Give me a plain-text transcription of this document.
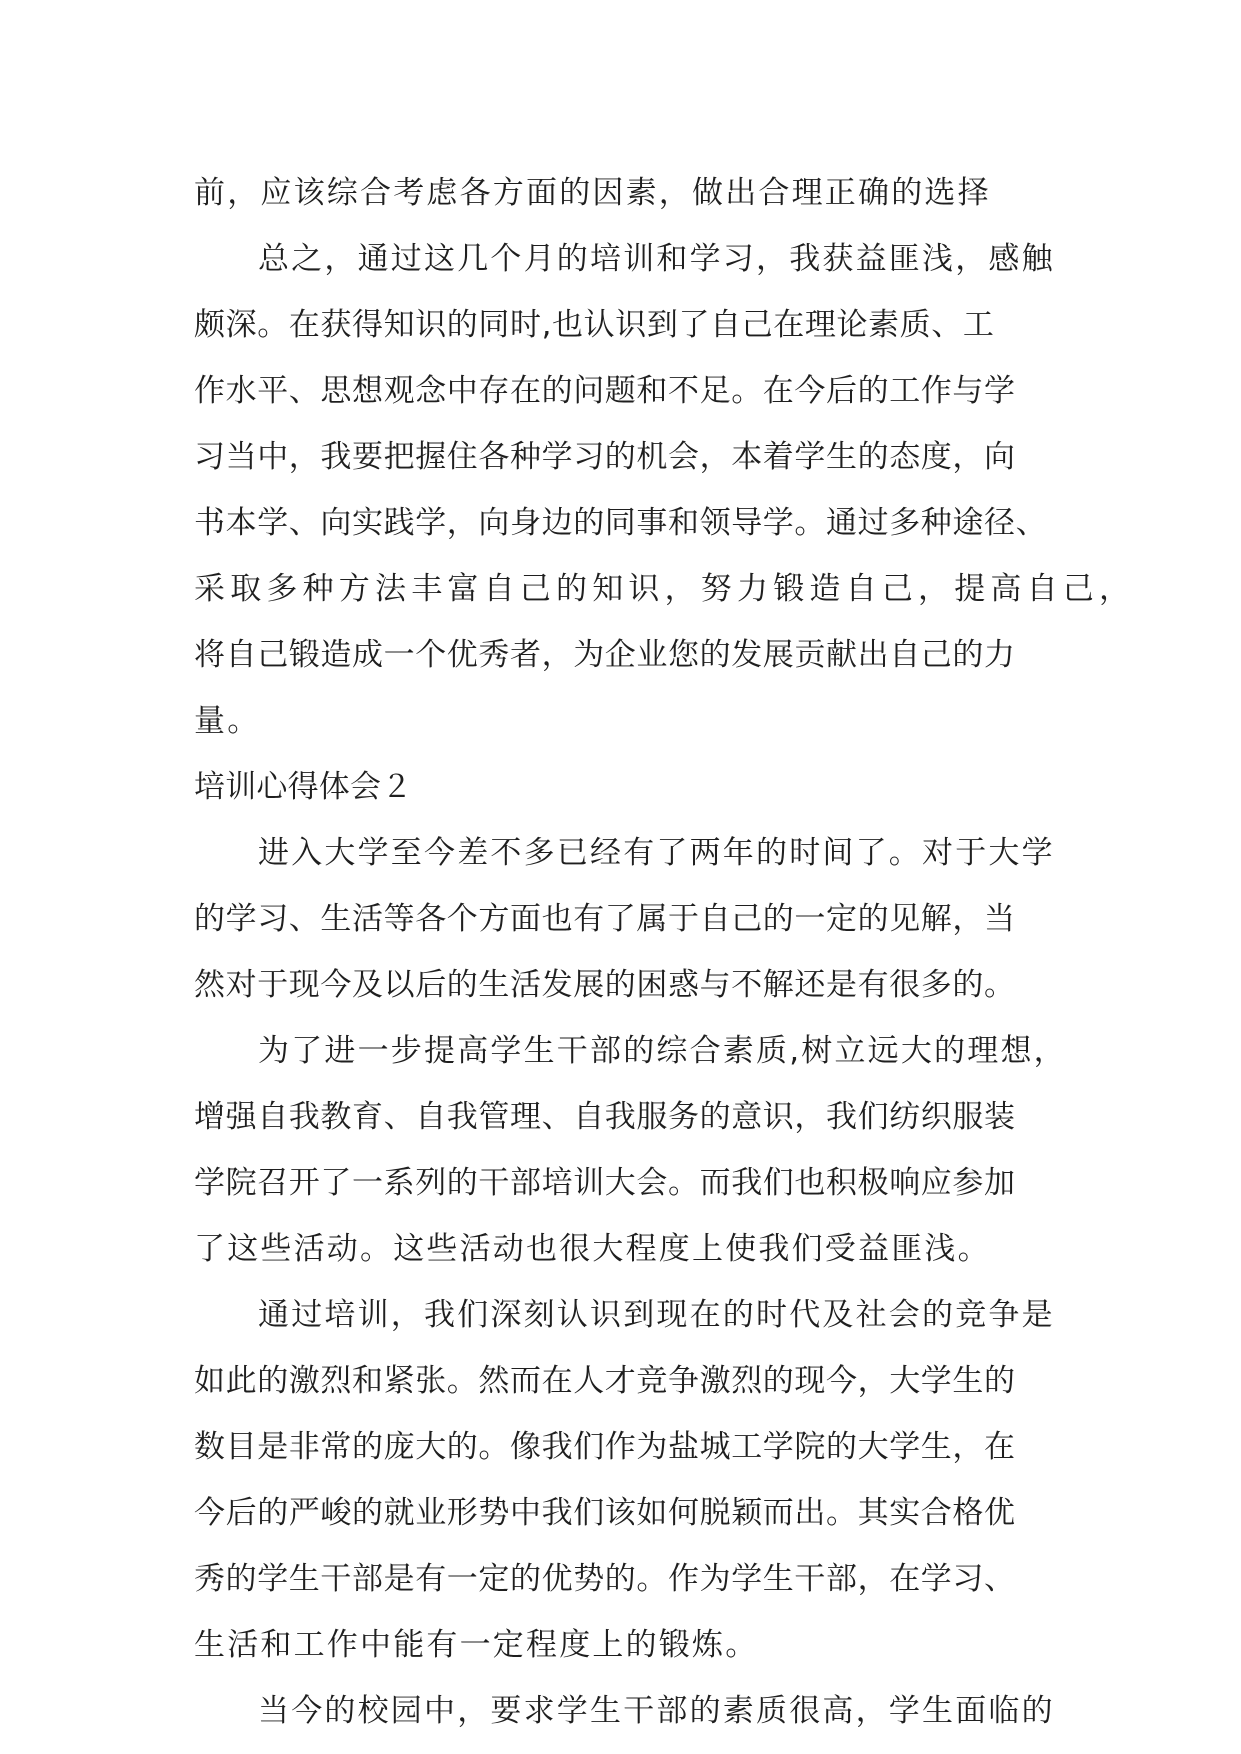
前，应该综合考虑各方面的因素，做出合理正确的选择
总之，通过这几个月的培训和学习，我获益匪浅，感触
颇深。在获得知识的同时,也认识到了自己在理论素质、工
作水平、思想观念中存在的问题和不足。在今后的工作与学
习当中，我要把握住各种学习的机会，本着学生的态度，向
书本学、向实践学，向身边的同事和领导学。通过多种途径、
采取多种方法丰富自己的知识，努力锻造自己，提高自己，
将自己锻造成一个优秀者，为企业您的发展贡献出自己的力
量。
培训心得体会２
进入大学至今差不多已经有了两年的时间了。对于大学
的学习、生活等各个方面也有了属于自己的一定的见解，当
然对于现今及以后的生活发展的困惑与不解还是有很多的。
为了进一步提高学生干部的综合素质,树立远大的理想，
增强自我教育、自我管理、自我服务的意识，我们纺织服装
学院召开了一系列的干部培训大会。而我们也积极响应参加
了这些活动。这些活动也很大程度上使我们受益匪浅。
通过培训，我们深刻认识到现在的时代及社会的竞争是
如此的激烈和紧张。然而在人才竞争激烈的现今，大学生的
数目是非常的庞大的。像我们作为盐城工学院的大学生，在
今后的严峻的就业形势中我们该如何脱颖而出。其实合格优
秀的学生干部是有一定的优势的。作为学生干部，在学习、
生活和工作中能有一定程度上的锻炼。
当今的校园中，要求学生干部的素质很高，学生面临的
